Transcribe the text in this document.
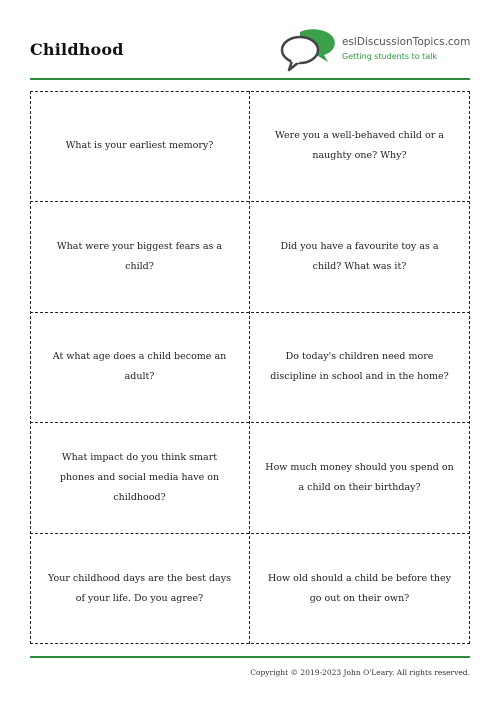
Childhood	eslDiscussionTopics.com
Getting students to talk
What is your earliest memory?
Were you a well-behaved child or a naughty one? Why?
What were your biggest fears as a child?
Did you have a favourite toy as a child? What was it?
At what age does a child become an adult?
Do today's children need more discipline in school and in the home?
What impact do you think smart phones and social media have on childhood?
How much money should you spend on a child on their birthday?
Your childhood days are the best days of your life. Do you agree?
How old should a child be before they go out on their own?
Copyright © 2019-2023 John O'Leary. All rights reserved.
